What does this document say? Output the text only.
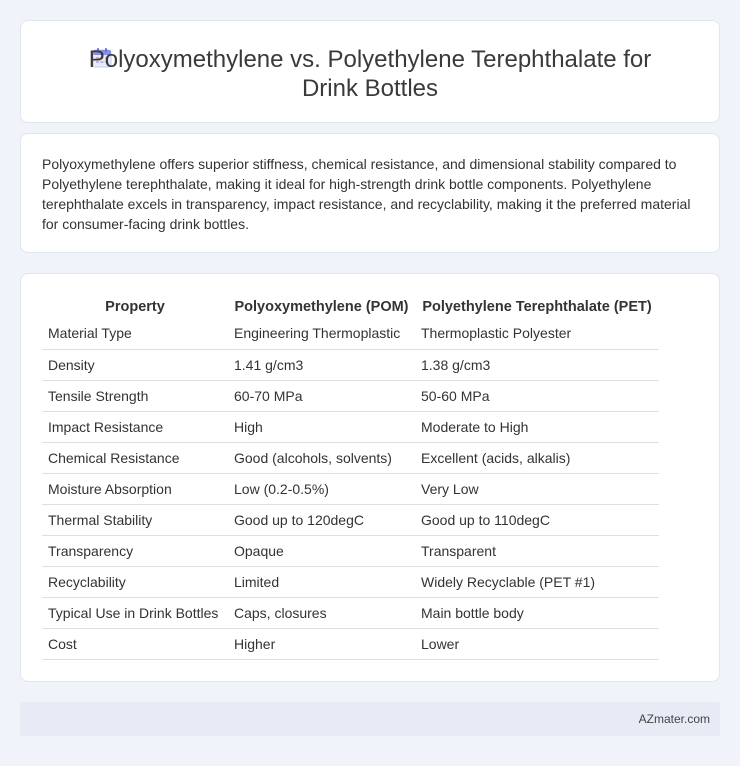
Polyoxymethylene vs. Polyethylene Terephthalate for Drink Bottles

Polyoxymethylene offers superior stiffness, chemical resistance, and dimensional stability compared to Polyethylene terephthalate, making it ideal for high-strength drink bottle components. Polyethylene terephthalate excels in transparency, impact resistance, and recyclability, making it the preferred material for consumer-facing drink bottles.

Property	Polyoxymethylene (POM)	Polyethylene Terephthalate (PET)
Material Type	Engineering Thermoplastic	Thermoplastic Polyester
Density	1.41 g/cm3	1.38 g/cm3
Tensile Strength	60-70 MPa	50-60 MPa
Impact Resistance	High	Moderate to High
Chemical Resistance	Good (alcohols, solvents)	Excellent (acids, alkalis)
Moisture Absorption	Low (0.2-0.5%)	Very Low
Thermal Stability	Good up to 120degC	Good up to 110degC
Transparency	Opaque	Transparent
Recyclability	Limited	Widely Recyclable (PET #1)
Typical Use in Drink Bottles	Caps, closures	Main bottle body
Cost	Higher	Lower
AZmater.com
